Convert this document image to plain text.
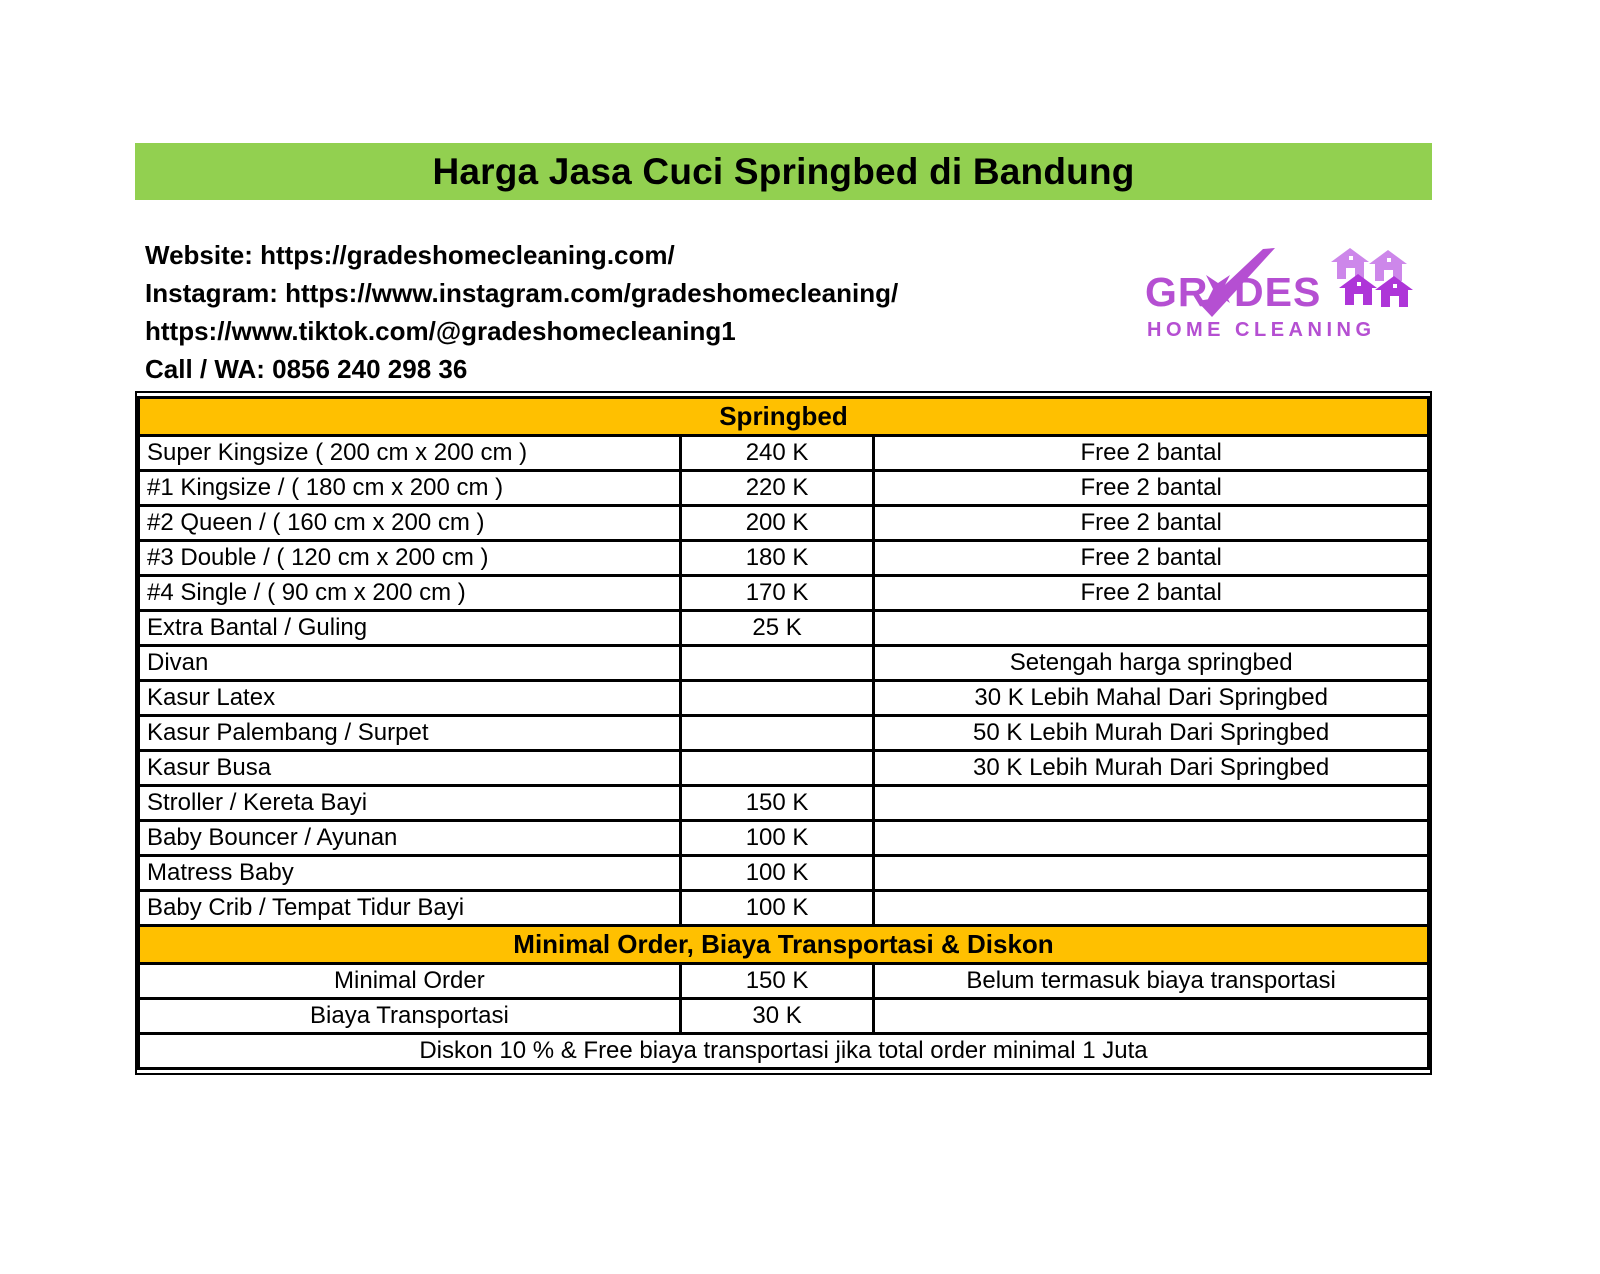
Harga Jasa Cuci Springbed di Bandung
Website: https://gradeshomecleaning.com/
Instagram: https://www.instagram.com/gradeshomecleaning/
https://www.tiktok.com/@gradeshomecleaning1
Call / WA: 0856 240 298 36
GR DES
HOME CLEANING
Springbed		
Super Kingsize ( 200 cm x 200 cm )	240 K	Free 2 bantal
#1 Kingsize / ( 180 cm x 200 cm )	220 K	Free 2 bantal
#2 Queen / ( 160 cm x 200 cm )	200 K	Free 2 bantal
#3 Double / ( 120 cm x 200 cm )	180 K	Free 2 bantal
#4 Single / ( 90 cm x 200 cm )	170 K	Free 2 bantal
Extra Bantal / Guling	25 K	
Divan		Setengah harga springbed
Kasur Latex		30 K Lebih Mahal Dari Springbed
Kasur Palembang / Surpet		50 K Lebih Murah Dari Springbed
Kasur Busa		30 K Lebih Murah Dari Springbed
Stroller / Kereta Bayi	150 K	
Baby Bouncer / Ayunan	100 K	
Matress Baby	100 K	
Baby Crib / Tempat Tidur Bayi	100 K	
Minimal Order, Biaya Transportasi & Diskon		
Minimal Order	150 K	Belum termasuk biaya transportasi
Biaya Transportasi	30 K	
Diskon 10 % & Free biaya transportasi jika total order minimal 1 Juta		
